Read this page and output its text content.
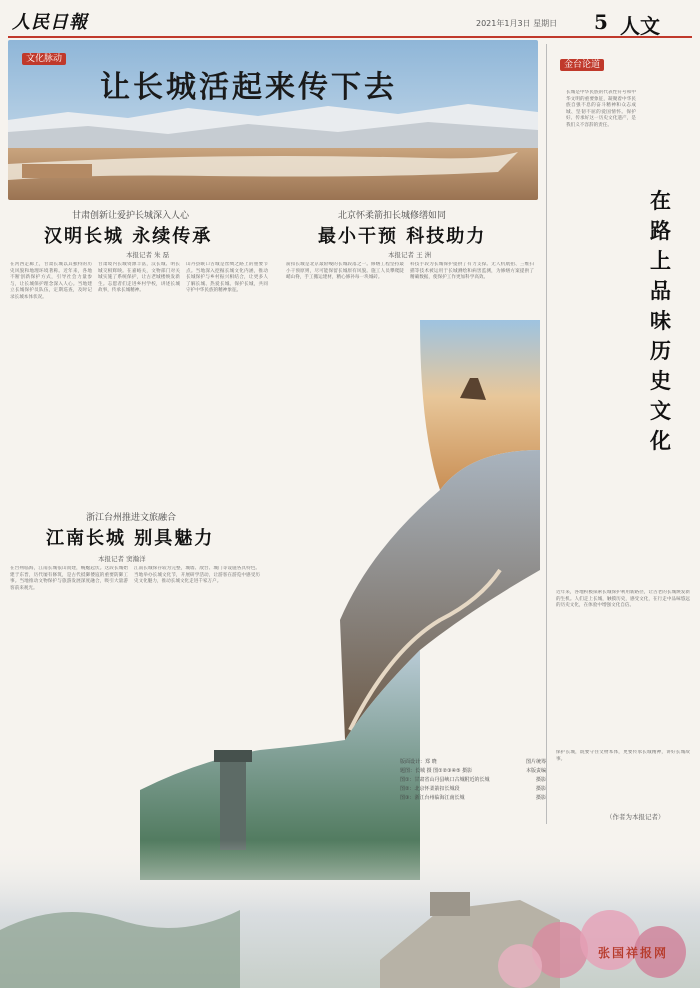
人民日報	2021年1月3日 星期日 5 人文
文化脉动
让长城活起来传下去
甘肃创新让爱护长城深入人心
汉明长城 永续传承
本报记者 朱 磊
在河西走廊上，甘肃长城以其独特的历史风貌和地理环境著称。近年来，各地不断创新保护方式，引导社会力量参与，让长城保护理念深入人心。当地建立长城保护员队伍，定期巡查，及时记录长城本体状况。
甘肃境内长城资源丰富，汉长城、明长城交相辉映。在嘉峪关，文物部门对关城实施了系统保护，让古老城楼焕发新生。志愿者们走进乡村学校，讲述长城故事，传承长城精神。
山丹县峡口古城是丝绸之路上的重要节点。当地深入挖掘长城文化内涵，推动长城保护与乡村振兴相结合，让更多人了解长城、热爱长城、保护长城，共同守护中华民族的精神象征。
北京怀柔箭扣长城修缮如同
最小干预 科技助力
本报记者 王 洲
箭扣长城是北京最险峻的长城段落之一。修缮工程坚持最小干预原则，尽可能保留长城原有风貌。施工人员攀爬陡峭山脊，手工搬运建材，精心修补每一块城砖。
科技手段为长城保护提供了有力支撑。无人机航拍、三维扫描等技术被运用于长城测绘和病害监测，为修缮方案提供了精确数据，使保护工作更加科学高效。
浙江台州推进文旅融合
江南长城 别具魅力
本报记者 窦瀚洋
在台州临海，江南长城依山而建，蜿蜒起伏。这段长城始建于东晋，历代屡有修筑，是古代抵御倭寇的重要防御工事。当地推动文物保护与旅游发展深度融合，吸引大量游客前来观光。
江南长城保存较为完整，城墙、敌台、城门等设施各具特色。当地举办长城文化节，开展研学活动，让游客在游览中感受历史文化魅力，推动长城文化走进千家万户。
金台论道
长城是中华民族的代表性符号和中华文明的重要象征，凝聚着中华民族自强不息的奋斗精神和众志成城、坚韧不屈的爱国情怀。保护好、传承好这一历史文化遗产，是我们义不容辞的责任。
在路上品味历史文化
近年来，各地积极探索长城保护利用新路径，让古老的长城焕发新的生机。人们走上长城，触摸历史，感受文化，在行走中品味悠远的历史文化，在体验中增强文化自信。
保护长城，既要守住文物本体，更要传承长城精神，讲好长城故事。
（作者为本报记者）
版面设计：郑 晓
题图：长城 摄 图①②③④⑤ 摄影
图①：甘肃省山丹县峡口古城附近的长城
图②：北京怀柔箭扣长城段
图③：浙江台州临海江南长城
图片统筹
本版责编
摄影
摄影
摄影
张国祥报网
